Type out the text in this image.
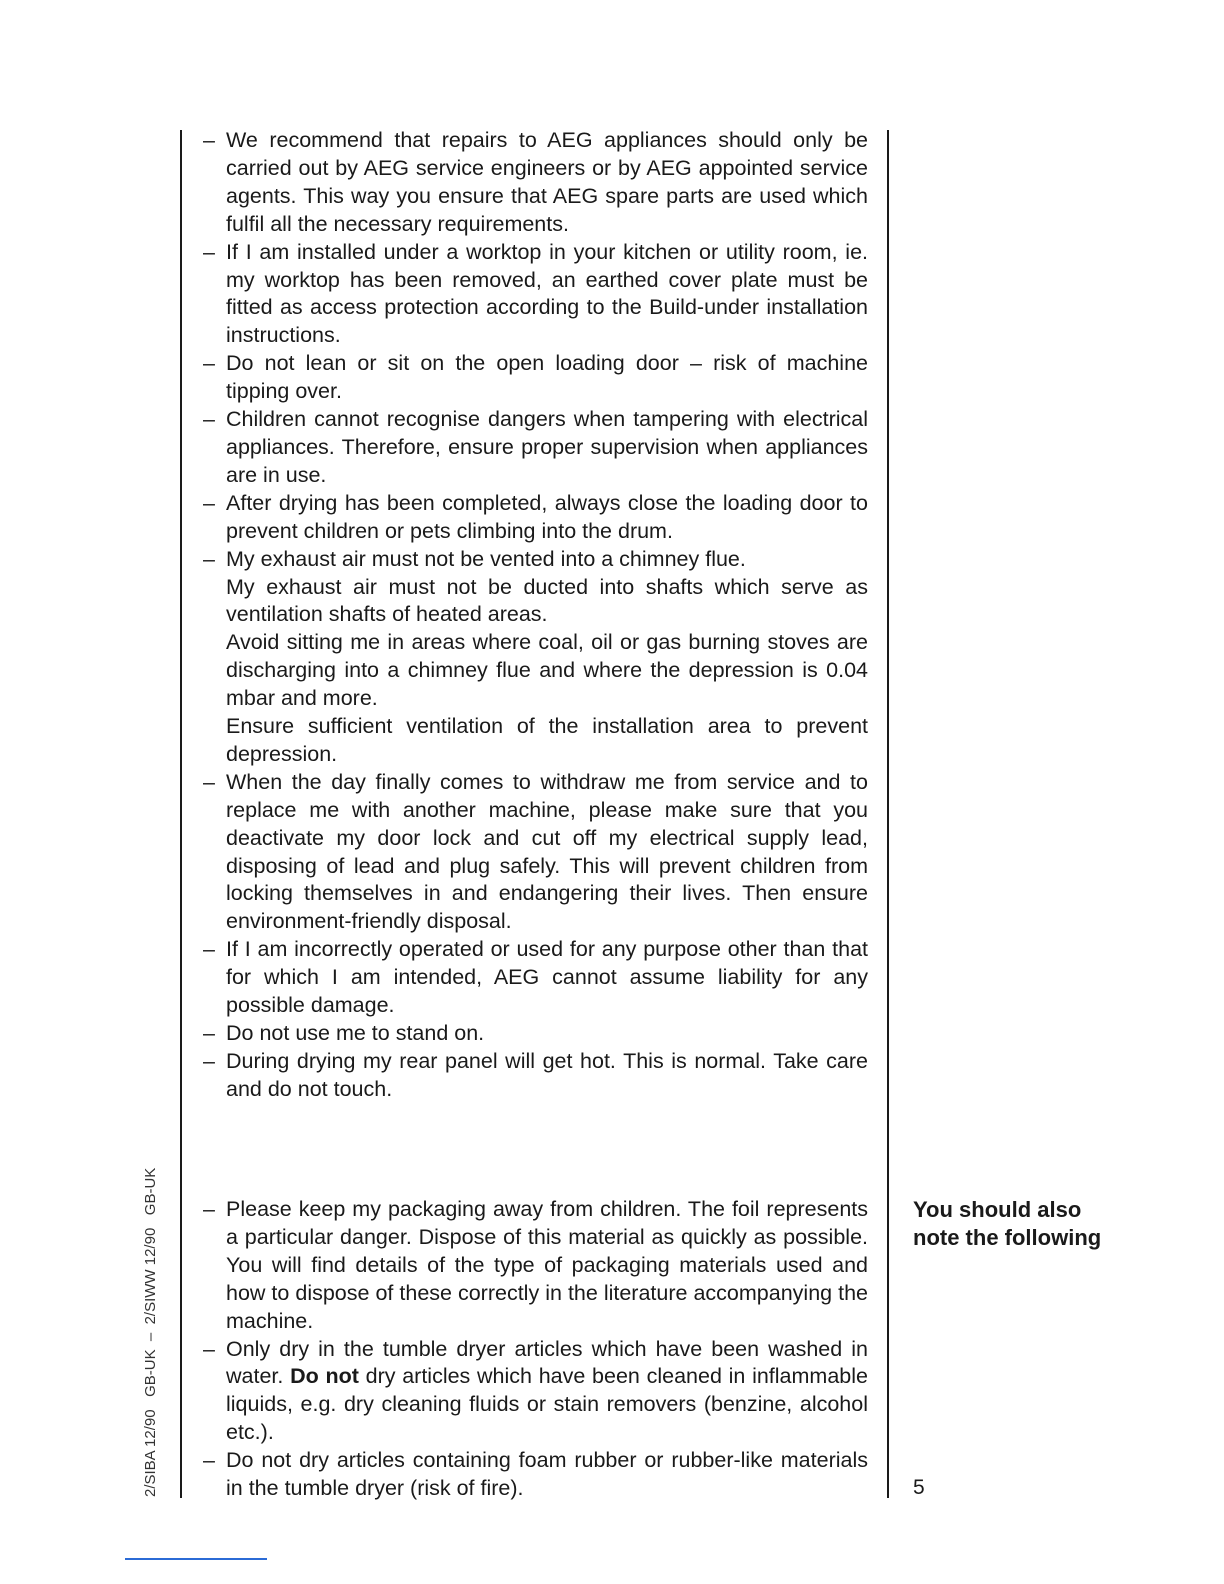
– We recommend that repairs to AEG appliances should only be carried out by AEG service engineers or by AEG appointed service agents. This way you ensure that AEG spare parts are used which fulfil all the necessary requirements.

– If I am installed under a worktop in your kitchen or utility room, ie. my worktop has been removed, an earthed cover plate must be fitted as access protection according to the Build-under installation instructions.

– Do not lean or sit on the open loading door – risk of machine tipping over.

– Children cannot recognise dangers when tampering with electrical appliances. Therefore, ensure proper supervision when appliances are in use.

– After drying has been completed, always close the loading door to prevent children or pets climbing into the drum.

– My exhaust air must not be vented into a chimney flue.

My exhaust air must not be ducted into shafts which serve as ventilation shafts of heated areas.

Avoid sitting me in areas where coal, oil or gas burning stoves are discharging into a chimney flue and where the depression is 0.04 mbar and more.

Ensure sufficient ventilation of the installation area to prevent depression.

– When the day finally comes to withdraw me from service and to replace me with another machine, please make sure that you deactivate my door lock and cut off my electrical supply lead, disposing of lead and plug safely. This will prevent children from locking themselves in and endangering their lives. Then ensure environment-friendly disposal.

– If I am incorrectly operated or used for any purpose other than that for which I am intended, AEG cannot assume liability for any possible damage.

– Do not use me to stand on.

– During drying my rear panel will get hot. This is normal. Take care and do not touch.

– Please keep my packaging away from children. The foil represents a particular danger. Dispose of this material as quickly as possible. You will find details of the type of packaging materials used and how to dispose of these correctly in the literature accompanying the machine.

– Only dry in the tumble dryer articles which have been washed in water. Do not dry articles which have been cleaned in inflammable liquids, e.g. dry cleaning fluids or stain removers (benzine, alcohol etc.).

– Do not dry articles containing foam rubber or rubber-like materials in the tumble dryer (risk of fire).

You should also note the following
5
2/SIBA 12/90   GB-UK  –  2/SIWW 12/90   GB-UK
